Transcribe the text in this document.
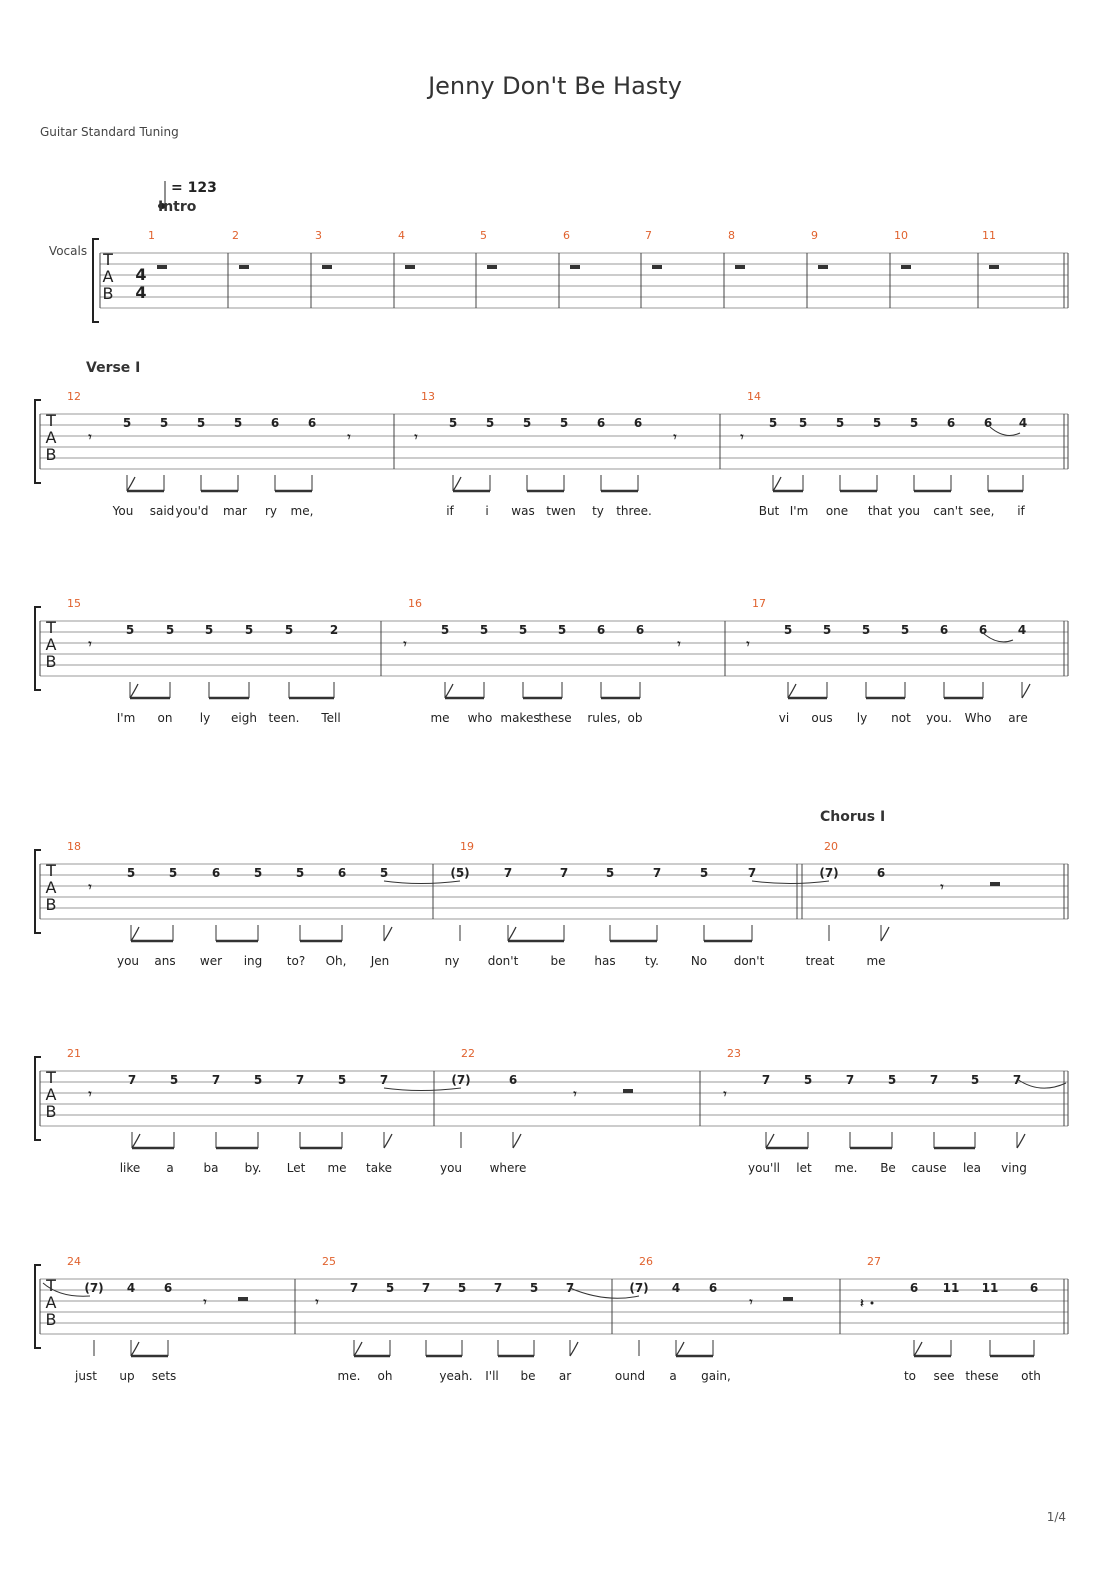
Jenny Don't Be Hasty
Guitar Standard Tuning
= 123
Intro
Verse I
Chorus I
1/4
T
A
B
Vocals
4
4
1	2	3	4	5	6	7	8	9	10	11
T
A
B
12
𝄾
5 5 5 5 6 6
𝄾
13
𝄾
5 5 5 5 6 6
𝄾
14
𝄾
5 5 5 5 5 6 6 4
You said you'd mar ry me,	if	i was twen ty three.	But I'm one that you can't see, if
T
A
B
15
𝄾
5	5	5	5	5	2
16
𝄾
5	5	5	5	6	6
𝄾
17
𝄾
5	5	5	5	6	6	4
I'm on ly eigh teen. Tell	me who makes
these rules, ob	vi ous ly not you. Who are
T
A
B
18
𝄾
5	5	6	5	5	6	5
19
(5)	7	7	5	7	5	7
20
(7)	6
𝄾
you ans wer ing to? Oh, Jen	ny don't	be has ty.	No don't	treat	me
T
A
B
21
𝄾
7	5	7	5	7	5	7
22
(7)	6
𝄾
23
𝄾
7	5	7	5	7	5	7
like a ba by. Let me take	you where	you'll let me. Be cause lea ving
T
A
B
24
(7) 4 6
𝄾
25
𝄾
7 5 7 5 7 5 7
26
(7) 4 6
𝄾
27
𝄽
6 11 11	6
just up sets	me. oh	yeah. I'll be ar	ound a gain,	to see these oth
